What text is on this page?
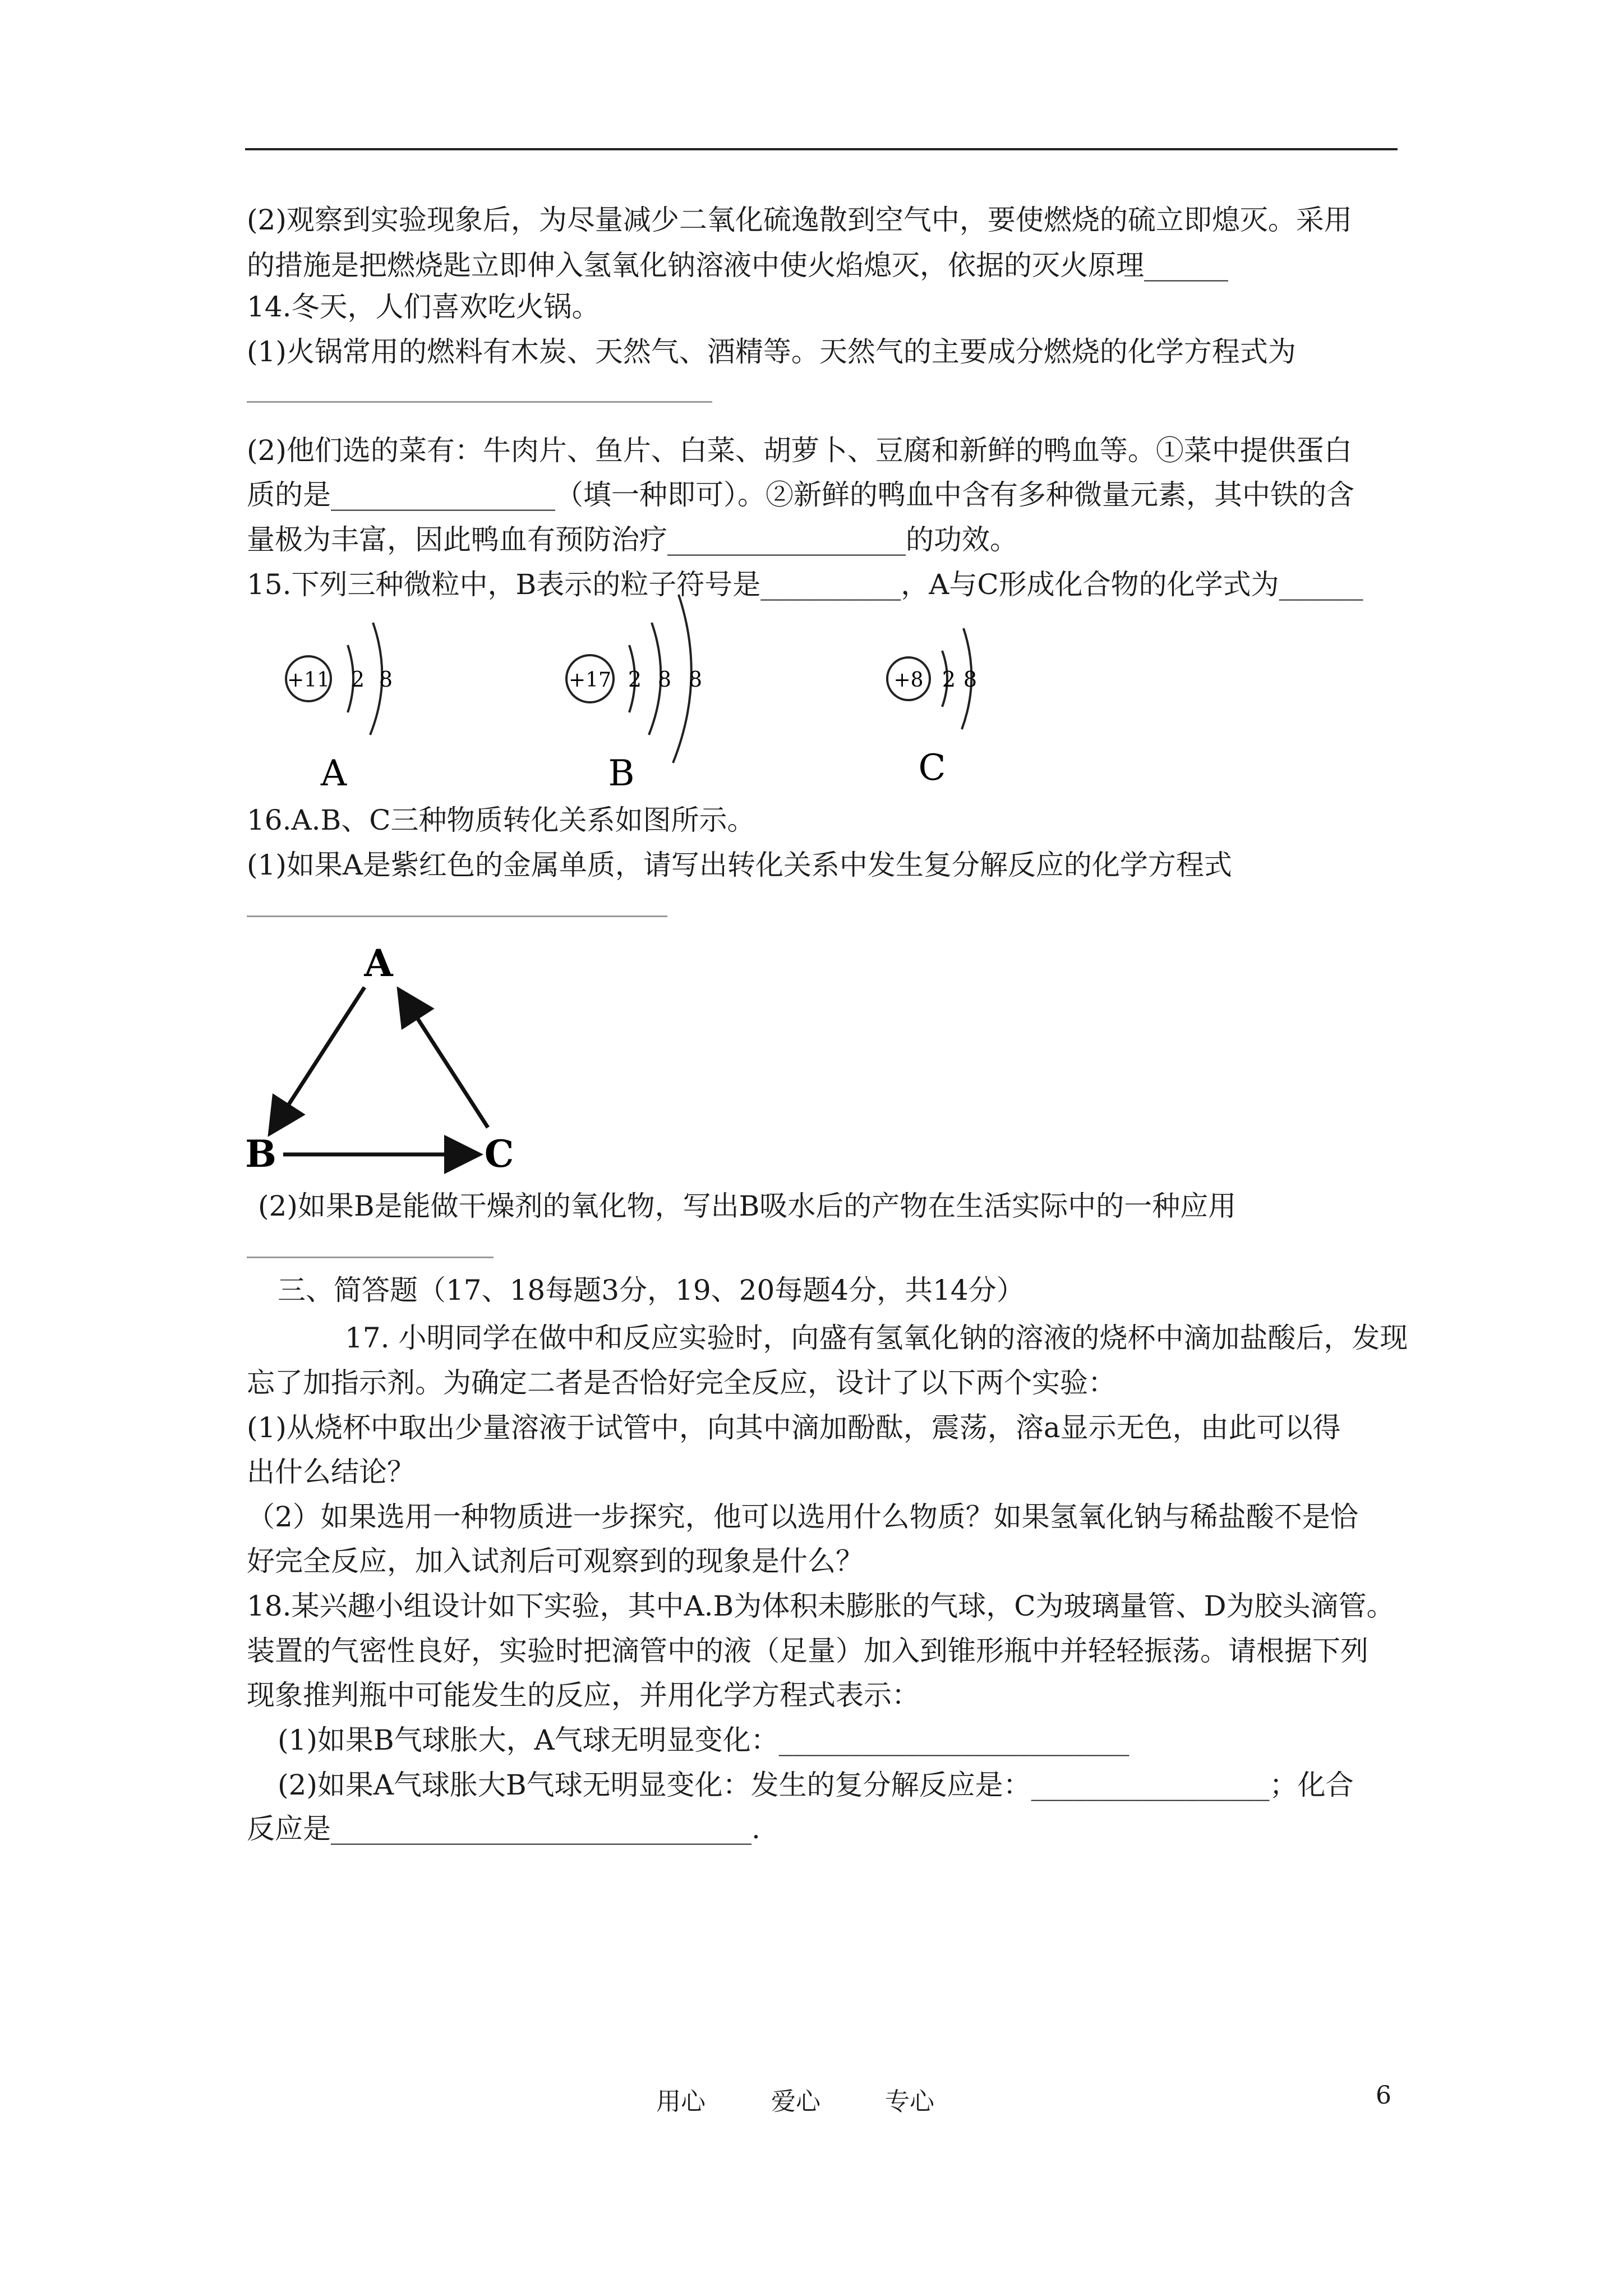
(2)观察到实验现象后，为尽量减少二氧化硫逸散到空气中，要使燃烧的硫立即熄灭。采用
的措施是把燃烧匙立即伸入氢氧化钠溶液中使火焰熄灭，依据的灭火原理______
14.冬天，人们喜欢吃火锅。
(1)火锅常用的燃料有木炭、天然气、酒精等。天然气的主要成分燃烧的化学方程式为
(2)他们选的菜有：牛肉片、鱼片、白菜、胡萝卜、豆腐和新鲜的鸭血等。①菜中提供蛋白
质的是________________（填一种即可）。②新鲜的鸭血中含有多种微量元素，其中铁的含
量极为丰富，因此鸭血有预防治疗_________________的功效。
15.下列三种微粒中，B表示的粒子符号是__________，A与C形成化合物的化学式为______
+11 2 8
A
+17 2 8 8
B
+8 2 8
C
16.A.B、C三种物质转化关系如图所示。
(1)如果A是紫红色的金属单质，请写出转化关系中发生复分解反应的化学方程式
A
B	C
(2)如果B是能做干燥剂的氧化物，写出B吸水后的产物在生活实际中的一种应用
三、简答题（17、18每题3分，19、20每题4分，共14分）
17. 小明同学在做中和反应实验时，向盛有氢氧化钠的溶液的烧杯中滴加盐酸后，发现
忘了加指示剂。为确定二者是否恰好完全反应，设计了以下两个实验：
(1)从烧杯中取出少量溶液于试管中，向其中滴加酚酞，震荡，溶a显示无色，由此可以得
出什么结论？
（2）如果选用一种物质进一步探究，他可以选用什么物质？如果氢氧化钠与稀盐酸不是恰
好完全反应，加入试剂后可观察到的现象是什么？
18.某兴趣小组设计如下实验，其中A.B为体积未膨胀的气球，C为玻璃量管、D为胶头滴管。
装置的气密性良好，实验时把滴管中的液（足量）加入到锥形瓶中并轻轻振荡。请根据下列
现象推判瓶中可能发生的反应，并用化学方程式表示：
(1)如果B气球胀大，A气球无明显变化：_________________________
(2)如果A气球胀大B气球无明显变化：发生的复分解反应是：_________________；化合
反应是______________________________.
用心	爱心	专心	6
